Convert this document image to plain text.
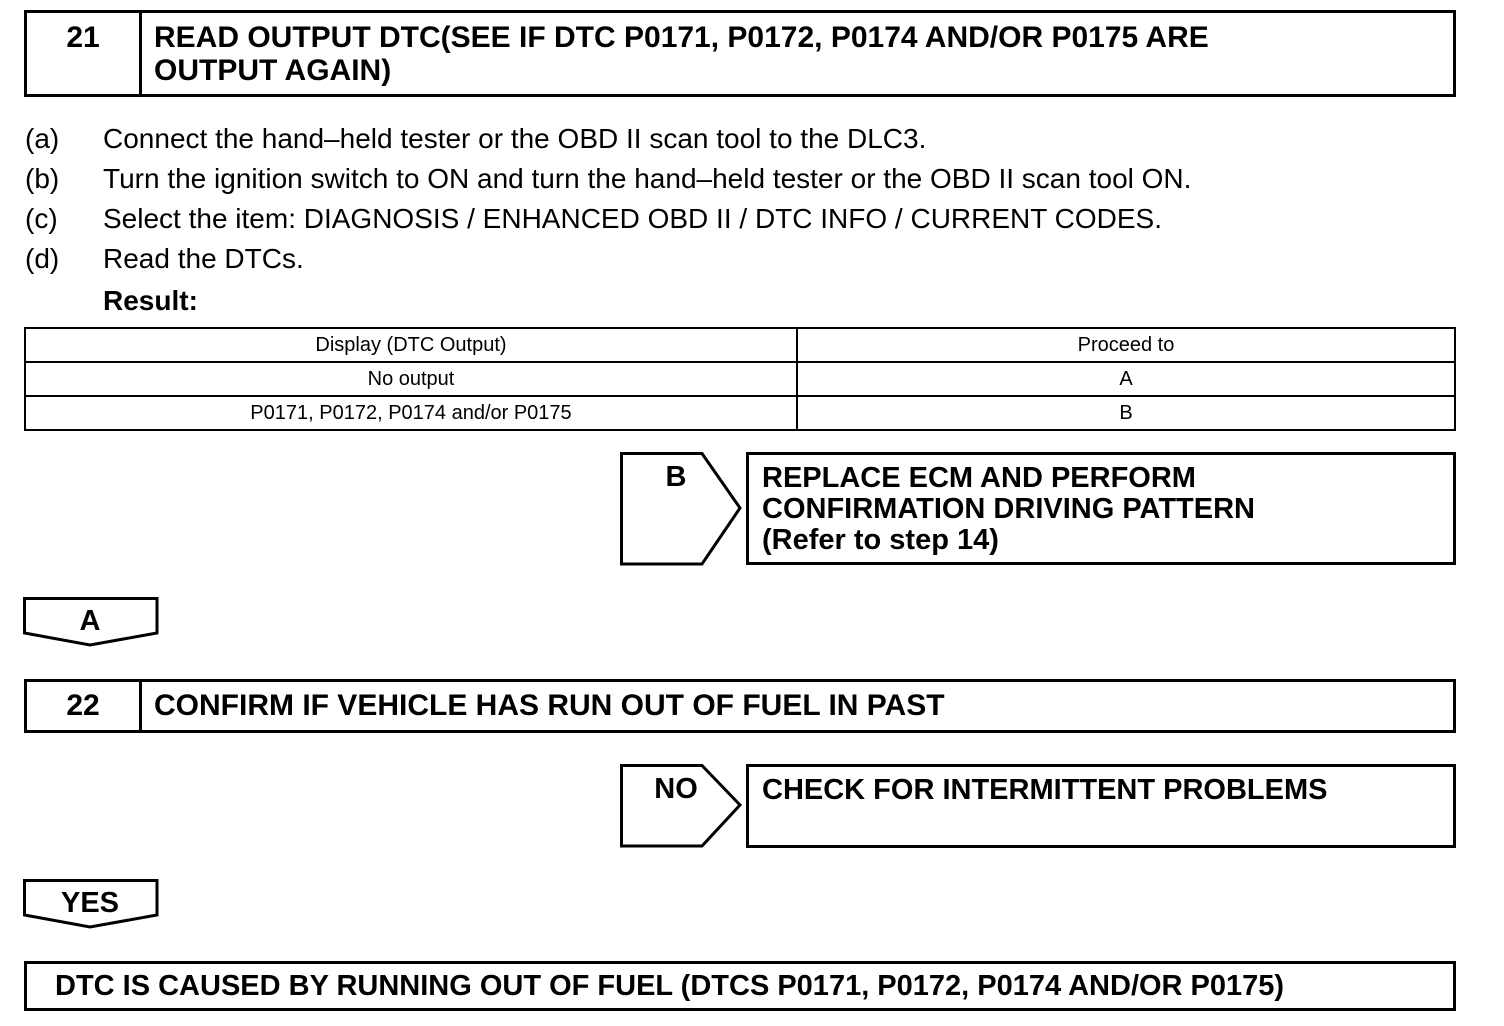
21	READ OUTPUT DTC(SEE IF DTC P0171, P0172, P0174 AND/OR P0175 ARE
OUTPUT AGAIN)
(a) Connect the hand–held tester or the OBD II scan tool to the DLC3.
(b) Turn the ignition switch to ON and turn the hand–held tester or the OBD II scan tool ON.
(c) Select the item: DIAGNOSIS / ENHANCED OBD II / DTC INFO / CURRENT CODES.
(d) Read the DTCs.
Result:
Display (DTC Output)	Proceed to
No output	A
P0171, P0172, P0174 and/or P0175	B
B	REPLACE ECM AND PERFORM
CONFIRMATION DRIVING PATTERN
(Refer to step 14)
A
22	CONFIRM IF VEHICLE HAS RUN OUT OF FUEL IN PAST
NO	CHECK FOR INTERMITTENT PROBLEMS
YES
DTC IS CAUSED BY RUNNING OUT OF FUEL (DTCS P0171, P0172, P0174 AND/OR P0175)
